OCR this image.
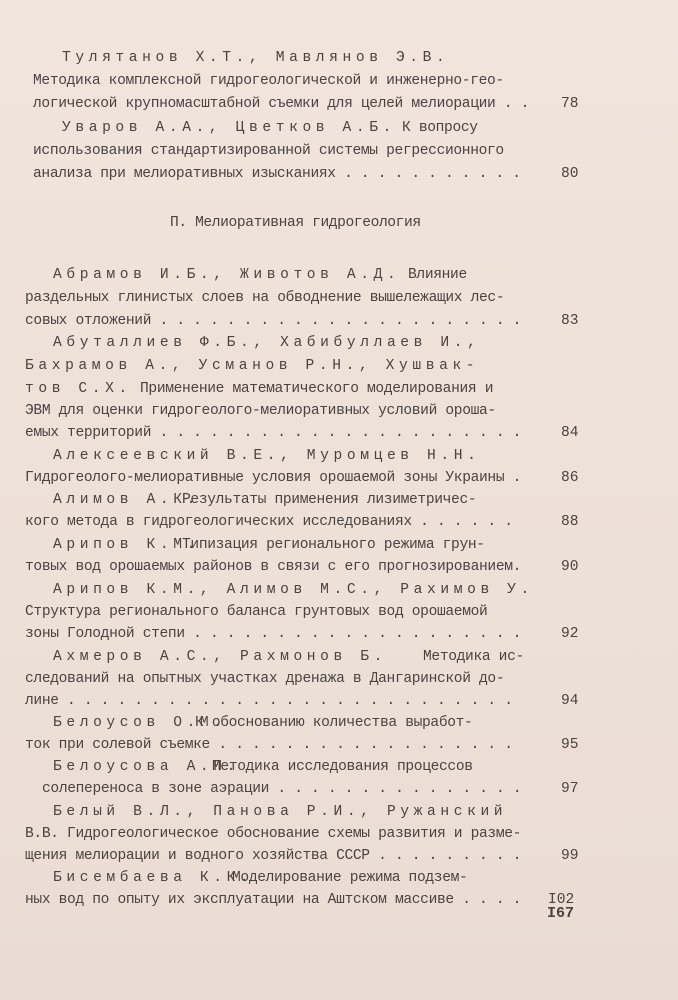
Тулятанов Х.Т., Мавлянов Э.В.
Методика комплексной гидрогеологической и инженерно-гео-
логической крупномасштабной съемки для целей мелиорации . . 78
Уваров А.А., Цветков А.Б. К вопросу
использования стандартизированной системы регрессионного
анализа при мелиоративных изысканиях . . . . . . . . . . .	80
П. Мелиоративная гидрогеология
Абрамов И.Б., Животов А.Д. Влияние
раздельных глинистых слоев на обводнение вышележащих лес-
совых отложений . . . . . . . . . . . . . . . . . . . . . .	83
Абуталлиев Ф.Б., Хабибуллаев И.,
Бахрамов А., Усманов Р.Н., Хушвак-
тов С.Х. Применение математического моделирования и
ЭВМ для оценки гидрогеолого-мелиоративных условий ороша-
емых территорий . . . . . . . . . . . . . . . . . . . . . .	84
Алексеевский В.Е., Муромцев Н.Н.
Гидрогеолого-мелиоративные условия орошаемой зоны Украины .	86
Алимов А.К.
Результаты применения лизиметричес-
кого метода в гидрогеологических исследованиях . . . . . .	88
Арипов К.М.
Типизация регионального режима грун-
товых вод орошаемых районов в связи с его прогнозированием.	90
Арипов К.М., Алимов М.С., Рахимов У.
Структура регионального баланса грунтовых вод орошаемой
зоны Голодной степи . . . . . . . . . . . . . . . . . . . .	92
Ахмеров А.С., Рахмонов Б. Методика ис-
следований на опытных участках дренажа в Дангаринской до-
лине . . . . . . . . . . . . . . . . . . . . . . . . . . .	94
Белоусов О.М.
К обоснованию количества выработ-
ток при солевой съемке . . . . . . . . . . . . . . . . . .	95
Белоусова А.П.
Методика исследования процессов
солепереноса в зоне аэрации . . . . . . . . . . . . . . .	97
Белый В.Л., Панова Р.И., Ружанский
В.В. Гидрогеологическое обоснование схемы развития и разме-
щения мелиорации и водного хозяйства СССР . . . . . . . . .	99
Бисембаева К.К.
Моделирование режима подзем-
ных вод по опыту их эксплуатации на Аштском массиве . . . . I02
I67
